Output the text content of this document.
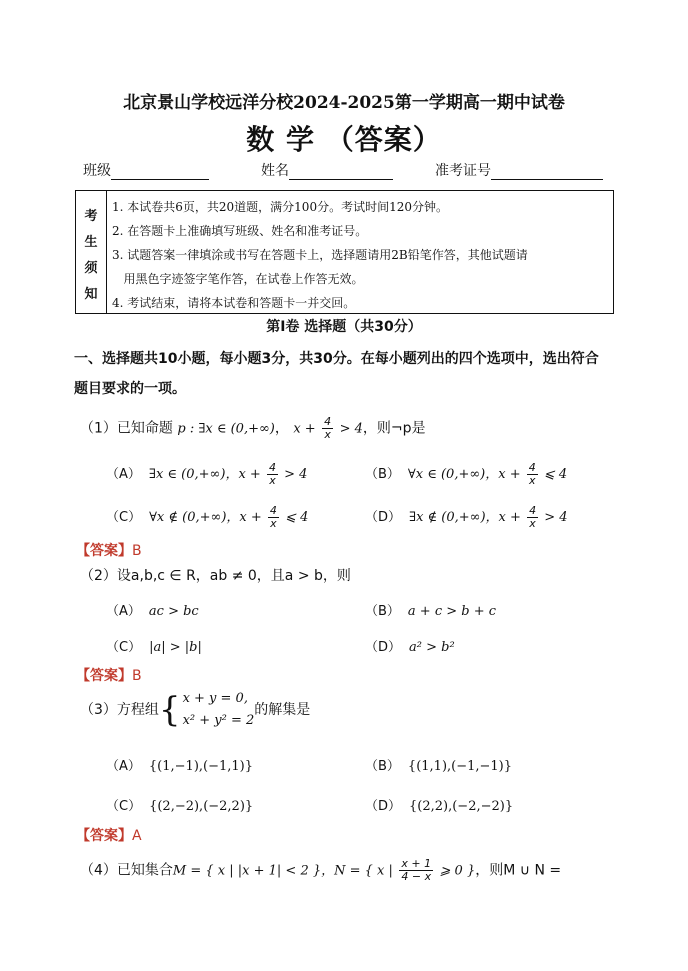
北京景山学校远洋分校2024-2025第一学期高一期中试卷
数 学 （答案）
班级	姓名	准考证号
考
生
须
知
1. 本试卷共6页，共20道题，满分100分。考试时间120分钟。
2. 在答题卡上准确填写班级、姓名和准考证号。
3. 试题答案一律填涂或书写在答题卡上，选择题请用2B铅笔作答，其他试题请
用黑色字迹签字笔作答，在试卷上作答无效。
4. 考试结束，请将本试卷和答题卡一并交回。
第Ⅰ卷 选择题（共30分）
一、选择题共10小题，每小题3分，共30分。在每小题列出的四个选项中，选出符合
题目要求的一项。
（1）已知命题 p : ∃x ∈ (0,+∞)， $x + \frac{4}{x} > 4$，则¬p是
（A） ∃x ∈ (0,+∞)，$x + \frac{4}{x} > 4$	（B） ∀x ∈ (0,+∞)，$x + \frac{4}{x}$ ⩽ 4
（C） ∀x ∉ (0,+∞)，$x + \frac{4}{x}$ ⩽ 4	（D） ∃x ∉ (0,+∞)，$x + \frac{4}{x} > 4$
【答案】B
（2）设a,b,c ∈ R，ab ≠ 0，且a > b，则
（A） ac > bc	（B） a + c > b + c
（C） |a| > |b|	（D） a² > b²
【答案】B
（3）方程组{ x + y = 0,
x² + y² = 2
的解集是
（A） {(1,−1),(−1,1)}	（B） {(1,1),(−1,−1)}
（C） {(2,−2),(−2,2)}	（D） {(2,2),(−2,−2)}
【答案】A
（4）已知集合M = { x | |x + 1| < 2 }，N = { x | $\frac{x + 1}{4 - x}$ ⩾ 0 }，则M ∪ N =
